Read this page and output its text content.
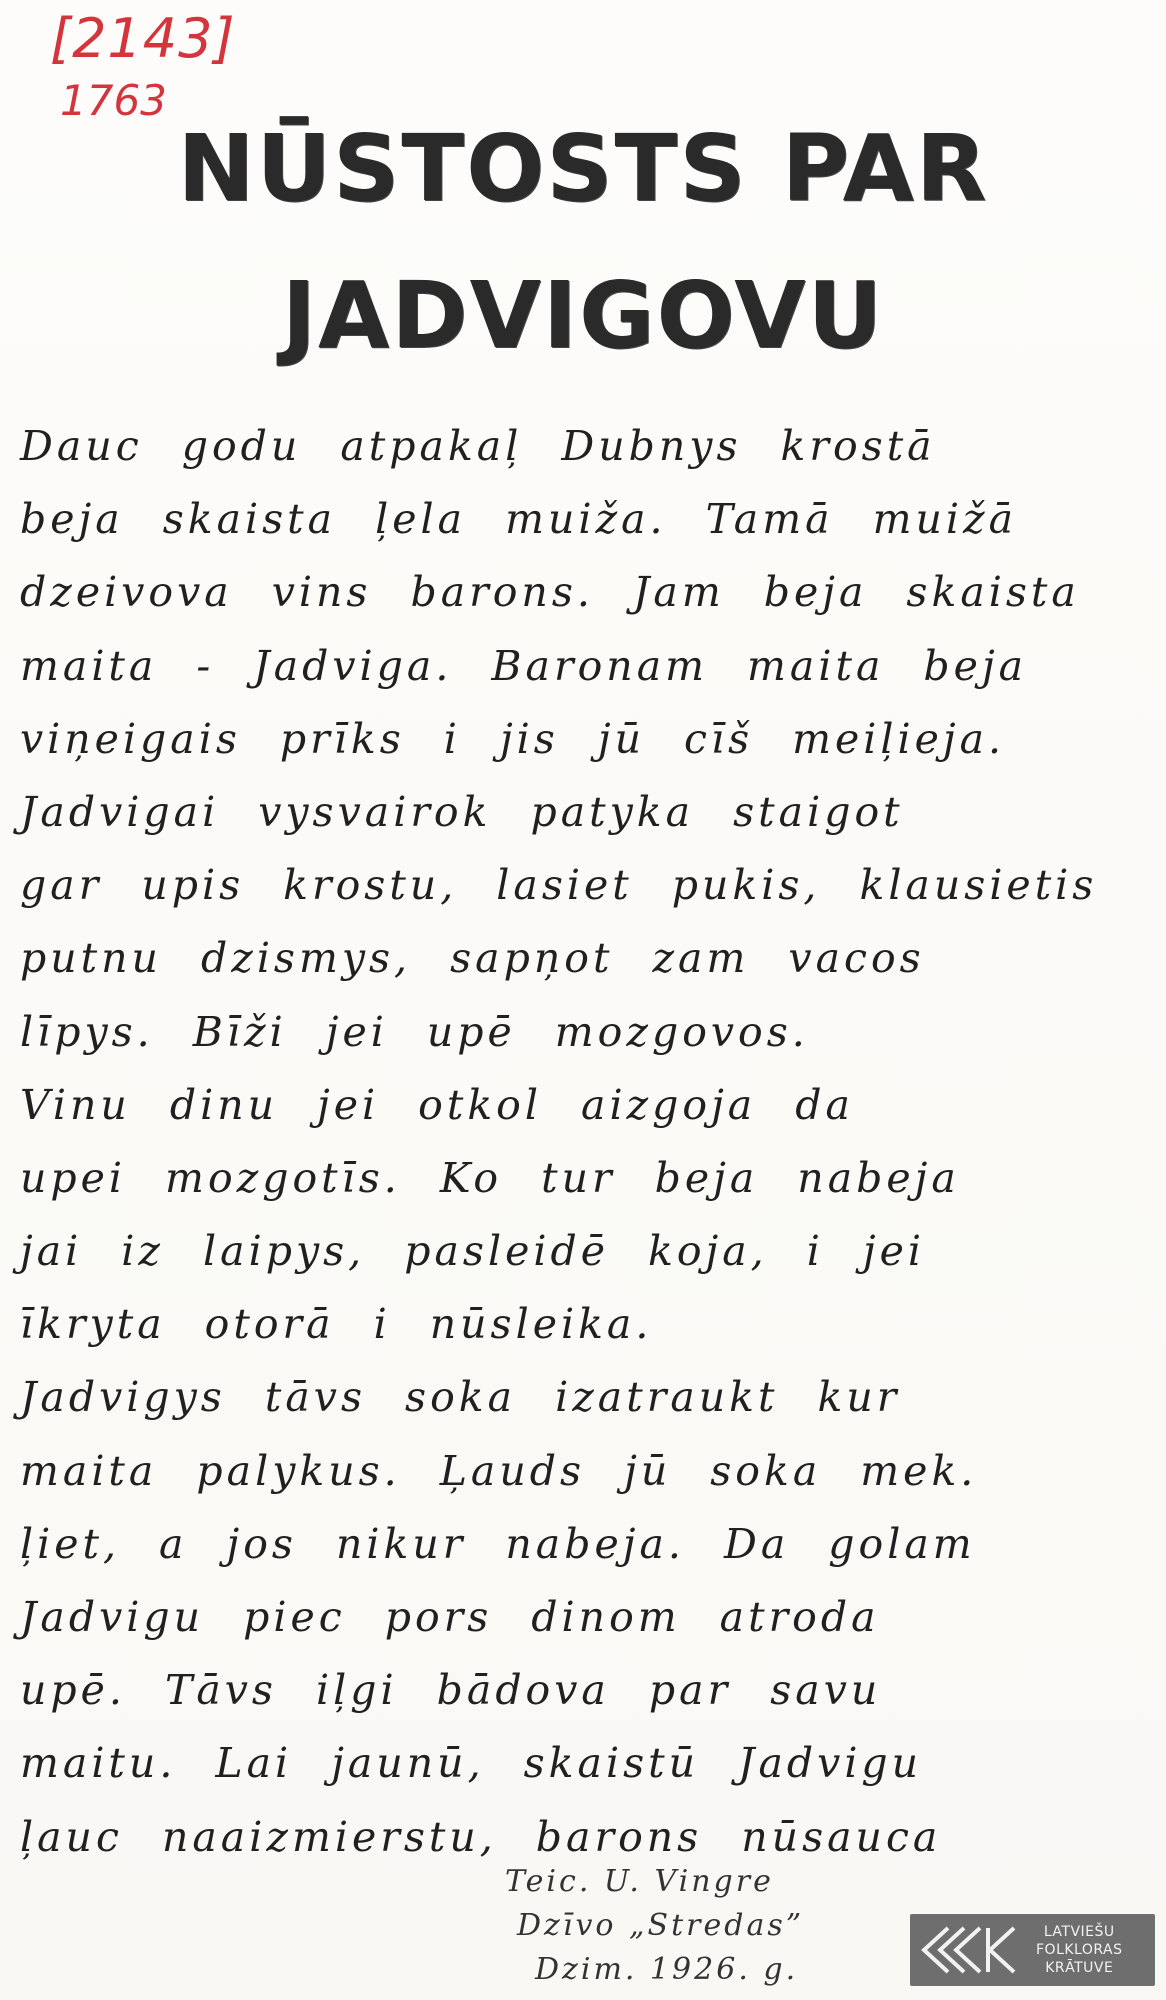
[2143]
1763
NŪSTOSTS PAR
JADVIGOVU
Dauc godu atpakaļ Dubnys krostā
beja skaista ļela muiža. Tamā muižā
dzeivova vins barons. Jam beja skaista
maita - Jadviga. Baronam maita beja
viņeigais prīks i jis jū cīš meiļieja.
Jadvigai vysvairok patyka staigot
gar upis krostu, lasiet pukis, klausietis
putnu dzismys, sapņot zam vacos
līpys. Bīži jei upē mozgovos.
Vinu dinu jei otkol aizgoja da
upei mozgotīs. Ko tur beja nabeja
jai iz laipys, pasleidē koja, i jei
īkryta otorā i nūsleika.
Jadvigys tāvs soka izatraukt kur
maita palykus. Ļauds jū soka mek.
ļiet, a jos nikur nabeja. Da golam
Jadvigu piec pors dinom atroda
upē. Tāvs iļgi bādova par savu
maitu. Lai jaunū, skaistū Jadvigu
ļauc naaizmierstu, barons nūsauca
Teic. U. Vingre
Dzīvo „Stredas”
Dzim. 1926. g.
LATVIEŠU
FOLKLORAS
KRĀTUVE
